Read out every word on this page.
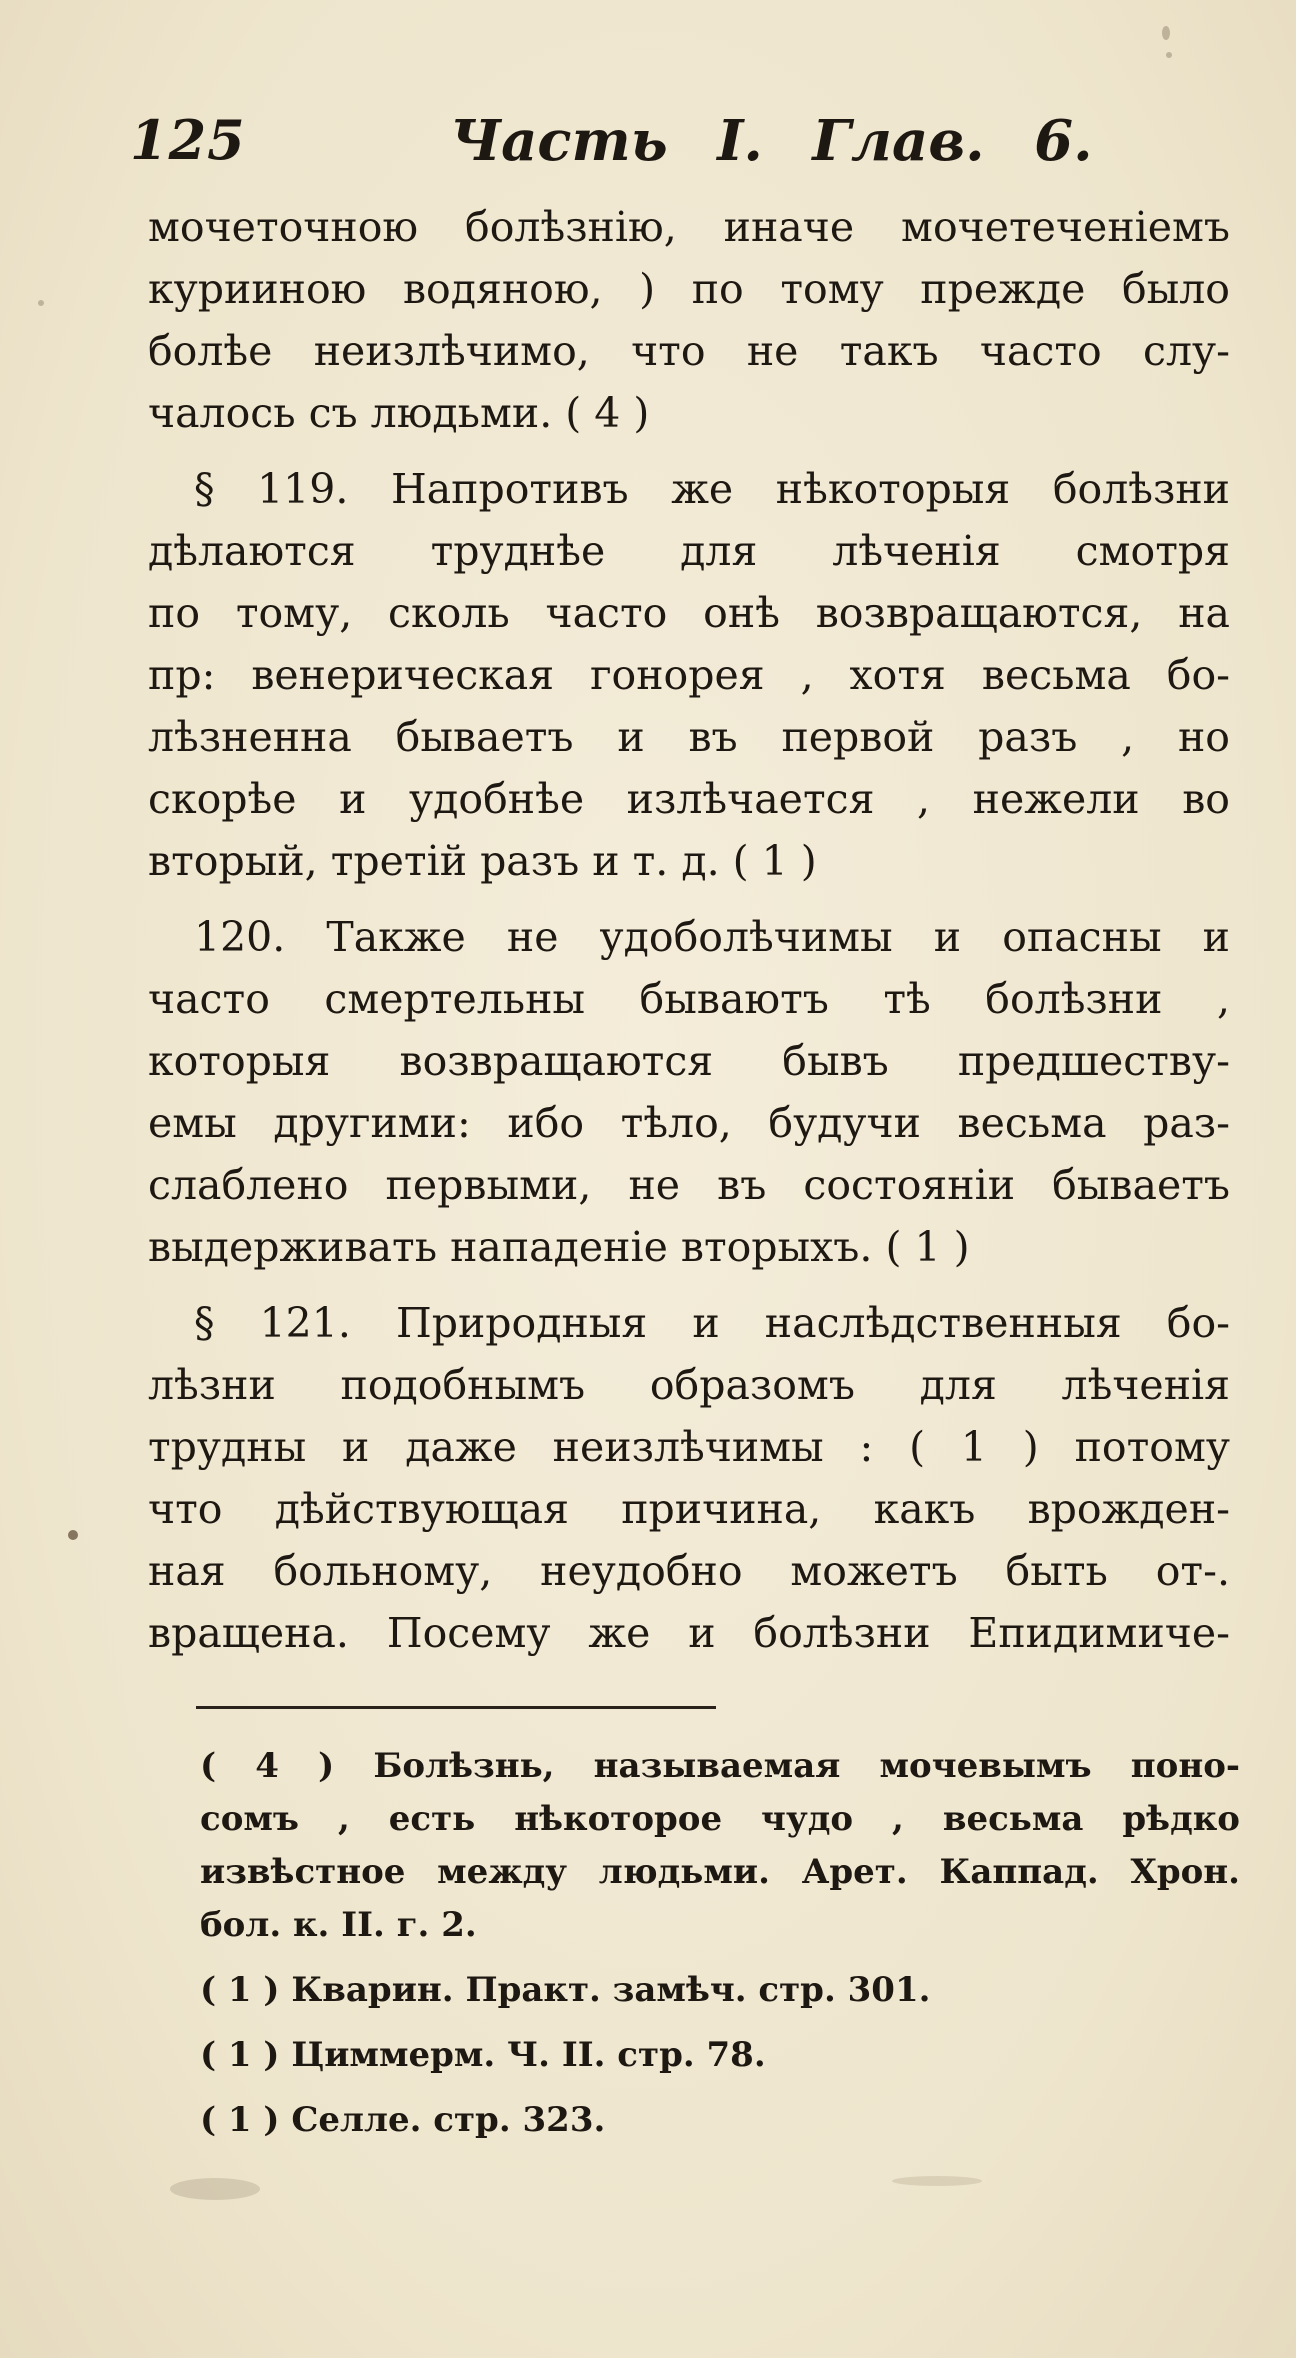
125	Часть I. Глав. 6.

мочеточною болѣзнію, иначе мочетеченіемъ
курииною водяною, ) по тому прежде было
болѣе неизлѣчимо, что не такъ часто слу-
чалось съ людьми. ( 4 )

§ 119. Напротивъ же нѣкоторыя болѣзни
дѣлаются труднѣе для лѣченія смотря
по тому, сколь часто онѣ возвращаются, на
пр: венерическая гонорея , хотя весьма бо-
лѣзненна бываетъ и въ первой разъ , но
скорѣе и удобнѣе излѣчается , нежели во
вторый, третій разъ и т. д. ( 1 )

120. Также не удоболѣчимы и опасны и
часто смертельны бываютъ тѣ болѣзни ,
которыя возвращаются бывъ предшеству-
емы другими: ибо тѣло, будучи весьма раз-
слаблено первыми, не въ состояніи бываетъ
выдерживать нападеніе вторыхъ. ( 1 )

§ 121. Природныя и наслѣдственныя бо-
лѣзни подобнымъ образомъ для лѣченія
трудны и даже неизлѣчимы : ( 1 ) потому
что дѣйствующая причина, какъ врожден-
ная больному, неудобно можетъ быть от-.
вращена. Посему же и болѣзни Епидимиче-

( 4 ) Болѣзнь, называемая мочевымъ поно-
сомъ , есть нѣкоторое чудо , весьма рѣдко
извѣстное между людьми. Арет. Каппад. Хрон.
бол. к. II. г. 2.
( 1 ) Кварин. Практ. замѣч. стр. 301.
( 1 ) Циммерм. Ч. II. стр. 78.
( 1 ) Селле. стр. 323.
